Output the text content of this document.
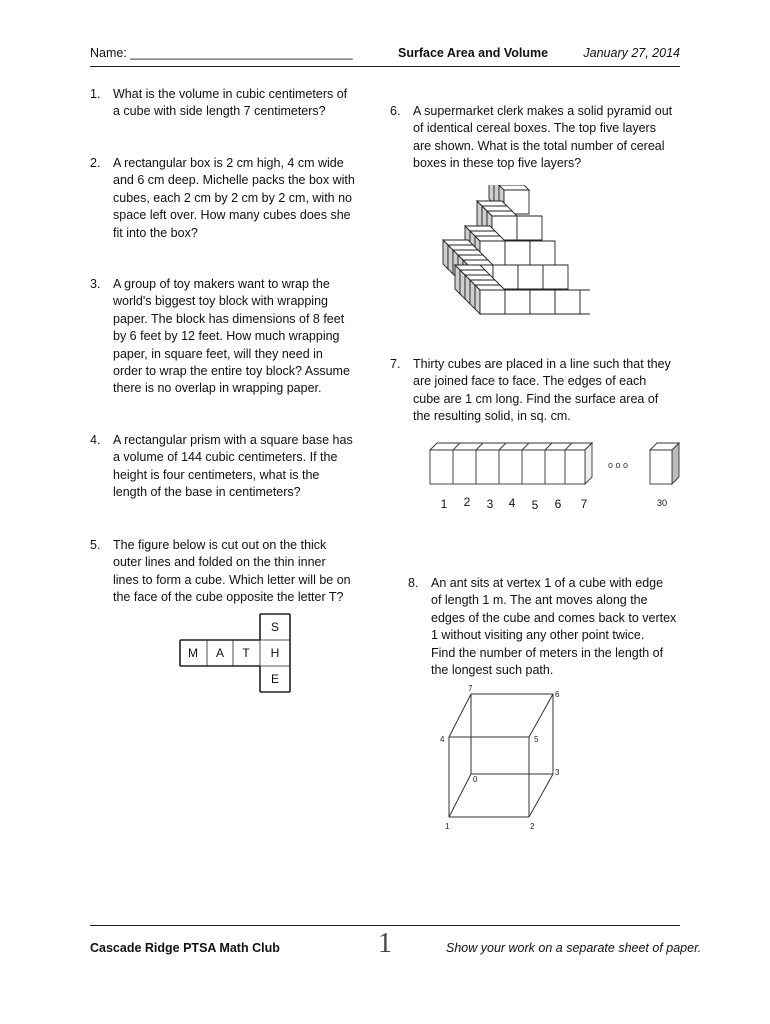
Name: ________________________________	Surface Area and Volume	January 27, 2014
1. What is the volume in cubic centimeters of
a cube with side length 7 centimeters?
2. A rectangular box is 2 cm high, 4 cm wide
and 6 cm deep. Michelle packs the box with
cubes, each 2 cm by 2 cm by 2 cm, with no
space left over. How many cubes does she
fit into the box?
3. A group of toy makers want to wrap the
world's biggest toy block with wrapping
paper. The block has dimensions of 8 feet
by 6 feet by 12 feet. How much wrapping
paper, in square feet, will they need in
order to wrap the entire toy block? Assume
there is no overlap in wrapping paper.
4. A rectangular prism with a square base has
a volume of 144 cubic centimeters. If the
height is four centimeters, what is the
length of the base in centimeters?
5. The figure below is cut out on the thick
outer lines and folded on the thin inner
lines to form a cube. Which letter will be on
the face of the cube opposite the letter T?
S
M A T H
E
6. A supermarket clerk makes a solid pyramid out
of identical cereal boxes. The top five layers
are shown. What is the total number of cereal
boxes in these top five layers?
7. Thirty cubes are placed in a line such that they
are joined face to face. The edges of each
cube are 1 cm long. Find the surface area of
the resulting solid, in sq. cm.
o o o
1 2 3 4 5 6 7	30
8. An ant sits at vertex 1 of a cube with edge
of length 1 m. The ant moves along the
edges of the cube and comes back to vertex
1 without visiting any other point twice.
Find the number of meters in the length of
the longest such path.
0
1	2
3
4	5
6
7
Cascade Ridge PTSA Math Club	1	Show your work on a separate sheet of paper.
